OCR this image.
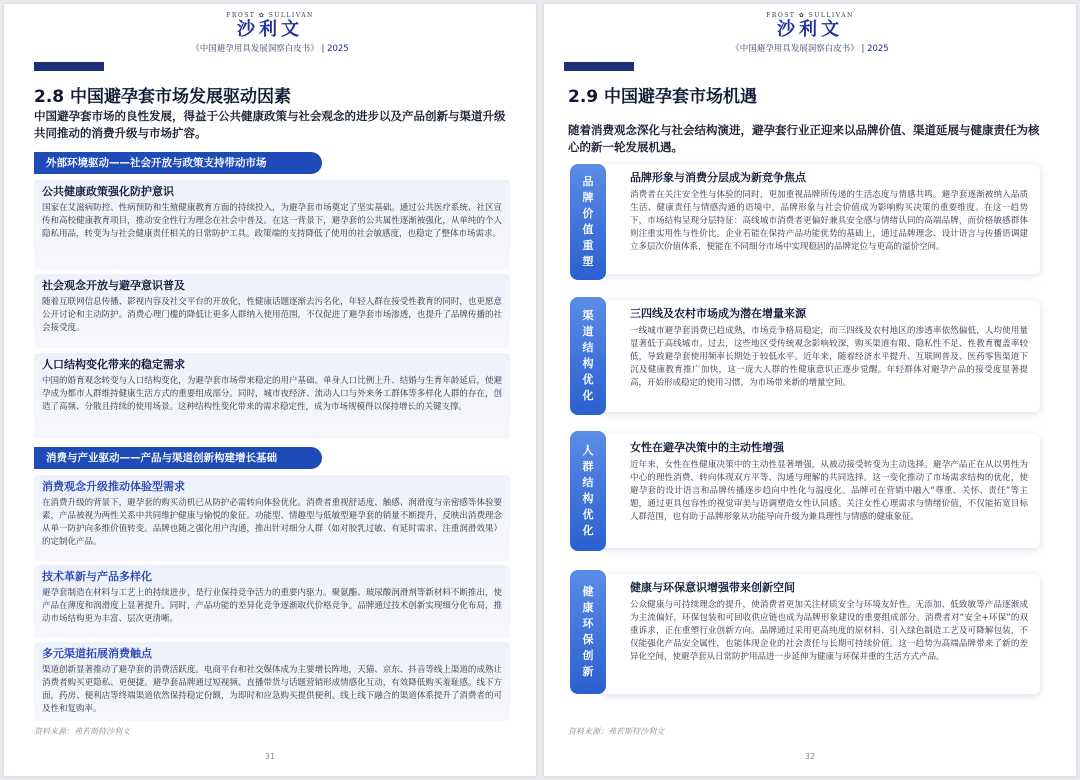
FROST ✿ SULLIVAN
沙利文
《中国避孕用具发展洞察白皮书》 | 2025
2.8 中国避孕套市场发展驱动因素
中国避孕套市场的良性发展，得益于公共健康政策与社会观念的进步以及产品创新与渠道升级共同推动的消费升级与市场扩容。
外部环境驱动——社会开放与政策支持带动市场
公共健康政策强化防护意识
国家在艾滋病防控、性病预防和生殖健康教育方面的持续投入，为避孕套市场奠定了坚实基础。通过公共医疗系统、社区宣传和高校健康教育项目，推动安全性行为理念在社会中普及。在这一背景下，避孕套的公共属性逐渐被强化，从单纯的个人隐私用品，转变为与社会健康责任相关的日常防护工具。政策端的支持降低了使用的社会敏感度，也稳定了整体市场需求。
社会观念开放与避孕意识普及
随着互联网信息传播、影视内容及社交平台的开放化，性健康话题逐渐去污名化，年轻人群在接受性教育的同时，也更愿意公开讨论和主动防护。消费心理门槛的降低让更多人群纳入使用范围，不仅促进了避孕套市场渗透，也提升了品牌传播的社会接受度。
人口结构变化带来的稳定需求
中国的婚育观念转变与人口结构变化，为避孕套市场带来稳定的用户基础。单身人口比例上升、结婚与生育年龄延后，使避孕成为都市人群维持健康生活方式的重要组成部分。同时，城市夜经济、流动人口与外来务工群体等多样化人群的存在，创造了高频、分散且持续的使用场景。这种结构性变化带来的需求稳定性，成为市场规模得以保持增长的关键支撑。
消费与产业驱动——产品与渠道创新构建增长基础
消费观念升级推动体验型需求
在消费升级的背景下，避孕套的购买动机已从防护必需转向体验优化。消费者重视舒适度、触感、润滑度与亲密感等体验要素，产品被视为两性关系中共同维护健康与愉悦的象征。功能型、情趣型与低敏型避孕套的销量不断提升，反映出消费理念从单一防护向多维价值转变。品牌也随之强化用户沟通，推出针对细分人群（如对胶乳过敏、有延时需求、注重润滑效果）的定制化产品。
技术革新与产品多样化
避孕套制造在材料与工艺上的持续进步，是行业保持竞争活力的重要内驱力。聚氨酯、玻尿酸润滑剂等新材料不断推出，使产品在薄度和润滑度上显著提升。同时，产品功能的差异化竞争逐渐取代价格竞争。品牌通过技术创新实现细分化布局，推动市场结构更为丰富、层次更清晰。
多元渠道拓展消费触点
渠道创新显著推动了避孕套的消费活跃度。电商平台和社交媒体成为主要增长阵地，天猫、京东、抖音等线上渠道的成熟让消费者购买更隐私、更便捷。避孕套品牌通过短视频、直播带货与话题营销形成情感化互动，有效降低购买羞耻感。线下方面，药房、便利店等终端渠道依然保持稳定份额，为即时和应急购买提供便利。线上线下融合的渠道体系提升了消费者的可及性和复购率。
资料来源：弗若斯特沙利文
31
FROST ✿ SULLIVAN
沙利文
《中国避孕用具发展洞察白皮书》 | 2025
2.9 中国避孕套市场机遇
随着消费观念深化与社会结构演进，避孕套行业正迎来以品牌价值、渠道延展与健康责任为核心的新一轮发展机遇。
品牌形象与消费分层成为新竞争焦点
消费者在关注安全性与体验的同时，更加重视品牌所传递的生活态度与情感共鸣。避孕套逐渐被纳入品质生活、健康责任与情感沟通的语境中，品牌形象与社会价值成为影响购买决策的重要维度。在这一趋势下，市场结构呈现分层特征：高线城市消费者更偏好兼具安全感与情绪认同的高端品牌，而价格敏感群体则注重实用性与性价比。企业若能在保持产品功能优势的基础上，通过品牌理念、设计语言与传播语调建立多层次价值体系，便能在不同细分市场中实现稳固的品牌定位与更高的溢价空间。
品牌价值重塑
三四线及农村市场成为潜在增量来源
一线城市避孕套消费已趋成熟，市场竞争格局稳定，而三四线及农村地区的渗透率依然偏低，人均使用量显著低于高线城市。过去，这些地区受传统观念影响较深，购买渠道有限、隐私性不足、性教育覆盖率较低，导致避孕套使用频率长期处于较低水平。近年来，随着经济水平提升、互联网普及、医药零售渠道下沉及健康教育推广加快，这一庞大人群的性健康意识正逐步觉醒。年轻群体对避孕产品的接受度显著提高，开始形成稳定的使用习惯，为市场带来新的增量空间。
渠道结构优化
女性在避孕决策中的主动性增强
近年来，女性在性健康决策中的主动性显著增强，从被动接受转变为主动选择。避孕产品正在从以男性为中心的理性消费，转向体现双方平等、沟通与理解的共同选择。这一变化推动了市场需求结构的优化，使避孕套的设计语言和品牌传播逐步趋向中性化与温度化。品牌可在营销中融入“尊重、关怀、责任”等主题，通过更具包容性的视觉审美与语调塑造女性认同感。关注女性心理需求与情绪价值，不仅能拓宽目标人群范围，也有助于品牌形象从功能导向升级为兼具理性与情感的健康象征。
人群结构优化
健康与环保意识增强带来创新空间
公众健康与可持续理念的提升，使消费者更加关注材质安全与环境友好性。无添加、低致敏等产品逐渐成为主流偏好，环保包装和可回收供应链也成为品牌形象建设的重要组成部分。消费者对“安全+环保”的双重诉求，正在重塑行业创新方向。品牌通过采用更高纯度的原材料、引入绿色制造工艺及可降解包装，不仅能强化产品安全属性，也能体现企业的社会责任与长期可持续价值。这一趋势为高端品牌带来了新的差异化空间，使避孕套从日常防护用品进一步延伸为健康与环保并重的生活方式产品。
健康环保创新
资料来源：弗若斯特沙利文
32
